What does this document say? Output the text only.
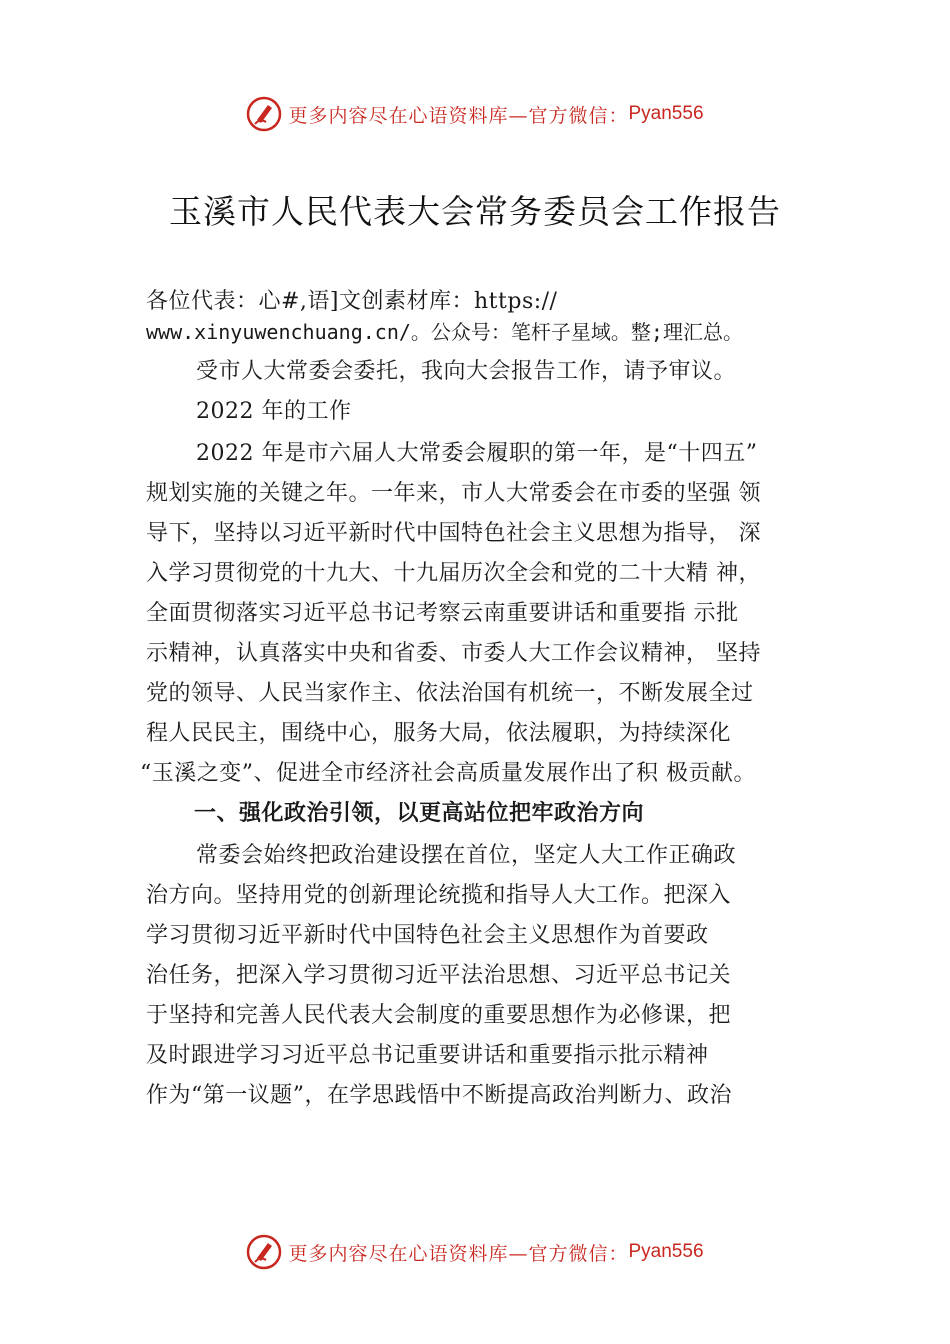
更多内容尽在心语资料库—官方微信： Pyan556
玉溪市人民代表大会常务委员会工作报告
各位代表：心#,语]文创素材库：https://
www.xinyuwenchuang.cn/。公众号：笔杆子星域。整;理汇总。
受市人大常委会委托，我向大会报告工作，请予审议。
2022 年的工作
2022 年是市六届人大常委会履职的第一年，是“十四五”
规划实施的关键之年。一年来，市人大常委会在市委的坚强 领
导下，坚持以习近平新时代中国特色社会主义思想为指导， 深
入学习贯彻党的十九大、十九届历次全会和党的二十大精 神，
全面贯彻落实习近平总书记考察云南重要讲话和重要指 示批
示精神，认真落实中央和省委、市委人大工作会议精神， 坚持
党的领导、人民当家作主、依法治国有机统一，不断发展全过
程人民民主，围绕中心，服务大局，依法履职，为持续深化
“玉溪之变”、促进全市经济社会高质量发展作出了积 极贡献。
一、强化政治引领，以更高站位把牢政治方向
常委会始终把政治建设摆在首位，坚定人大工作正确政
治方向。坚持用党的创新理论统揽和指导人大工作。把深入
学习贯彻习近平新时代中国特色社会主义思想作为首要政
治任务，把深入学习贯彻习近平法治思想、习近平总书记关
于坚持和完善人民代表大会制度的重要思想作为必修课，把
及时跟进学习习近平总书记重要讲话和重要指示批示精神
作为“第一议题”，在学思践悟中不断提高政治判断力、政治
更多内容尽在心语资料库—官方微信： Pyan556
